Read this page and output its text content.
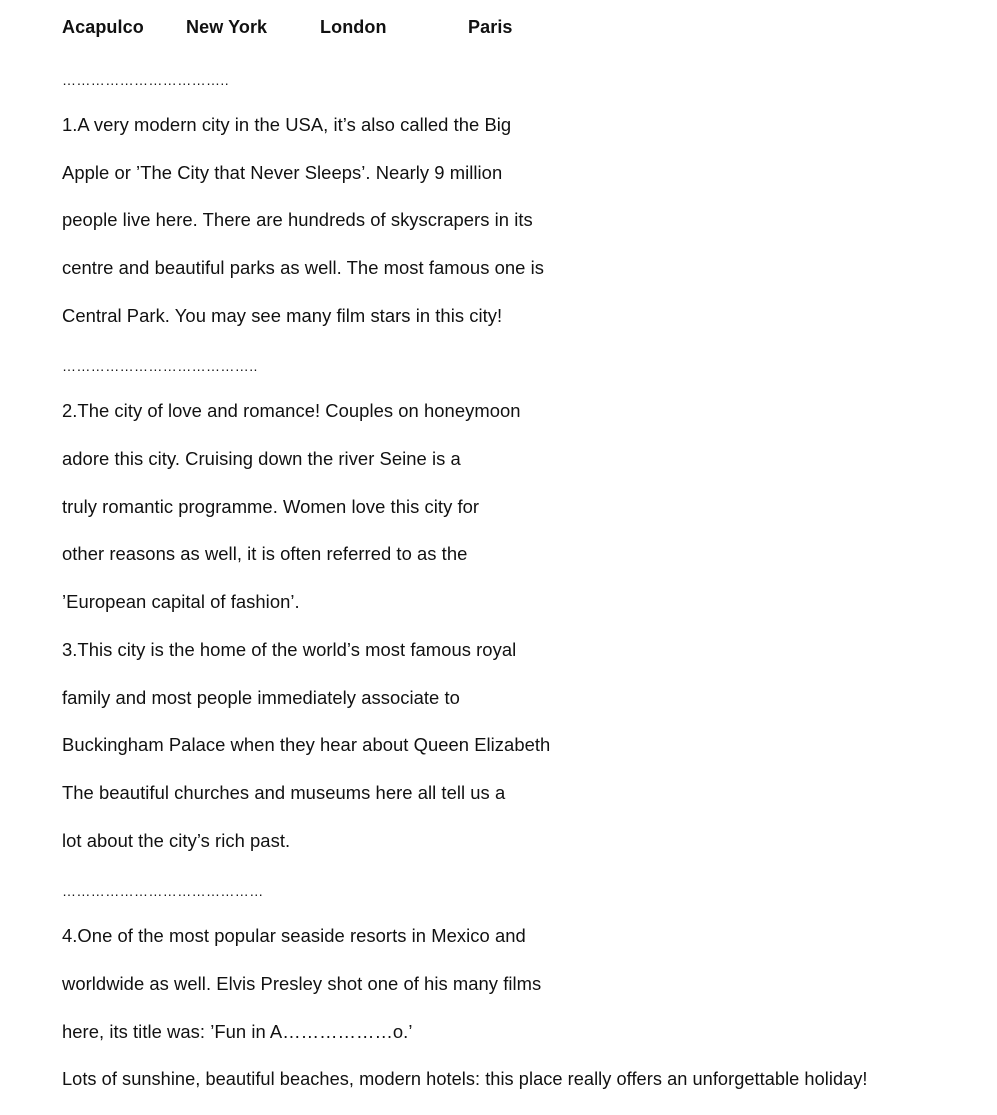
Acapulco New York	London	Paris
……………………………..
1.A very modern city in the USA, it’s also called the Big
Apple or ’The City that Never Sleeps’. Nearly 9 million
people live here. There are hundreds of skyscrapers in its
centre and beautiful parks as well. The most famous one is
Central Park. You may see many film stars in this city!
…………………………………..
2.The city of love and romance! Couples on honeymoon
adore this city. Cruising down the river Seine is a
truly romantic programme. Women love this city for
other reasons as well, it is often referred to as the
’European capital of fashion’.
3.This city is the home of the world’s most famous royal
family and most people immediately associate to
Buckingham Palace when they hear about Queen Elizabeth
The beautiful churches and museums here all tell us a
lot about the city’s rich past.
……………………………………
4.One of the most popular seaside resorts in Mexico and
worldwide as well. Elvis Presley shot one of his many films
here, its title was: ’Fun in A………………o.’
Lots of sunshine, beautiful beaches, modern hotels: this place really offers an unforgettable holiday!
